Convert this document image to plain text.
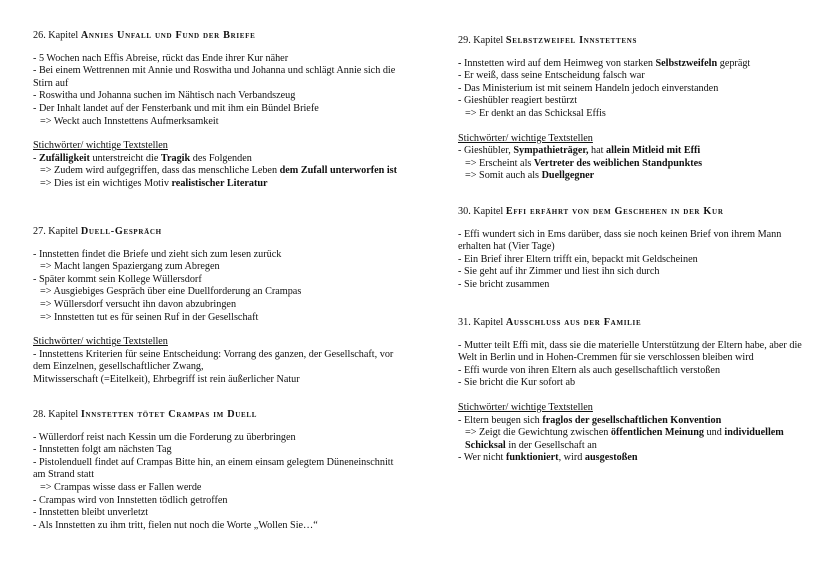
26. Kapitel Annies Unfall und Fund der Briefe

- 5 Wochen nach Effis Abreise, rückt das Ende ihrer Kur näher

- Bei einem Wettrennen mit Annie und Roswitha und Johanna und schlägt Annie sich die Stirn auf

- Roswitha und Johanna suchen im Nähtisch nach Verbandszeug

- Der Inhalt landet auf der Fensterbank und mit ihm ein Bündel Briefe

=> Weckt auch Innstettens Aufmerksamkeit

Stichwörter/ wichtige Textstellen

- Zufälligkeit unterstreicht die Tragik des Folgenden

=> Zudem wird aufgegriffen, dass das menschliche Leben dem Zufall unterworfen ist

=> Dies ist ein wichtiges Motiv realistischer Literatur

27. Kapitel Duell-Gespräch

- Innstetten findet die Briefe und zieht sich zum lesen zurück

=> Macht langen Spaziergang zum Abregen

- Später kommt sein Kollege Wüllersdorf

=> Ausgiebiges Gespräch über eine Duellforderung an Crampas

=> Wüllersdorf versucht ihn davon abzubringen

=> Innstetten tut es für seinen Ruf in der Gesellschaft

Stichwörter/ wichtige Textstellen

- Innstettens Kriterien für seine Entscheidung: Vorrang des ganzen, der Gesellschaft, vor dem Einzelnen, gesellschaftlicher Zwang,

Mitwisserschaft (=Eitelkeit), Ehrbegriff ist rein äußerlicher Natur

28. Kapitel Innstetten tötet Crampas im Duell

- Wüllerdorf reist nach Kessin um die Forderung zu überbringen

- Innstetten folgt am nächsten Tag

- Pistolenduell findet auf Crampas Bitte hin, an einem einsam gelegtem Düneneinschnitt am Strand statt

=> Crampas wisse dass er Fallen werde

- Crampas wird von Innstetten tödlich getroffen

- Innstetten bleibt unverletzt

- Als Innstetten zu ihm tritt, fielen nut noch die Worte „Wollen Sie…“

29. Kapitel Selbstzweifel Innstettens

- Innstetten wird auf dem Heimweg von starken Selbstzweifeln geprägt

- Er weiß, dass seine Entscheidung falsch war

- Das Ministerium ist mit seinem Handeln jedoch einverstanden

- Gieshübler reagiert bestürzt

=> Er denkt an das Schicksal Effis

Stichwörter/ wichtige Textstellen

- Gieshübler, Sympathieträger, hat allein Mitleid mit Effi

=> Erscheint als Vertreter des weiblichen Standpunktes

=> Somit auch als Duellgegner

30. Kapitel Effi erfährt von dem Geschehen in der Kur

- Effi wundert sich in Ems darüber, dass sie noch keinen Brief von ihrem Mann erhalten hat (Vier Tage)

- Ein Brief ihrer Eltern trifft ein, bepackt mit Geldscheinen

- Sie geht auf ihr Zimmer und liest ihn sich durch

- Sie bricht zusammen

31. Kapitel Ausschluss aus der Familie

- Mutter teilt Effi mit, dass sie die materielle Unterstützung der Eltern habe, aber die Welt in Berlin und in Hohen-Cremmen für sie verschlossen bleiben wird

- Effi wurde von ihren Eltern als auch gesellschaftlich verstoßen

- Sie bricht die Kur sofort ab

Stichwörter/ wichtige Textstellen

- Eltern beugen sich fraglos der gesellschaftlichen Konvention

=> Zeigt die Gewichtung zwischen öffentlichen Meinung und individuellem Schicksal in der Gesellschaft an

- Wer nicht funktioniert, wird ausgestoßen
